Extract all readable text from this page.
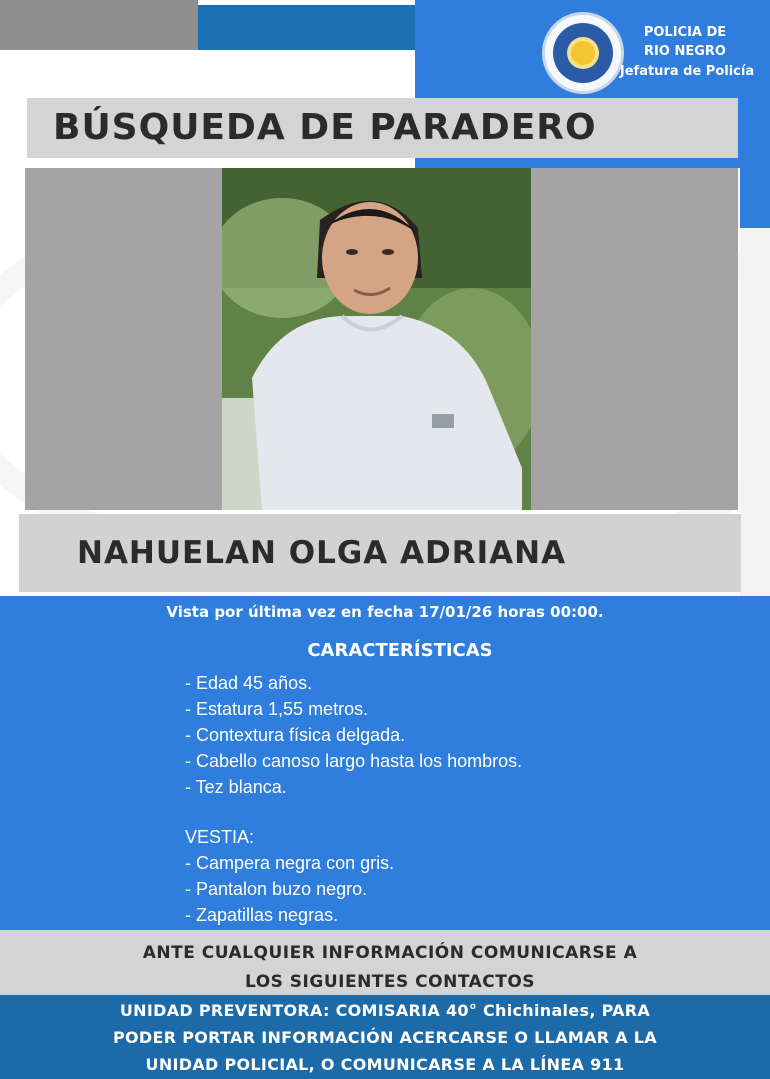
POLICIA DE
RIO NEGRO
Jefatura de Policía
BÚSQUEDA DE PARADERO
NAHUELAN OLGA ADRIANA
Vista por última vez en fecha 17/01/26 horas 00:00.
CARACTERÍSTICAS
- Edad 45 años.
- Estatura 1,55 metros.
- Contextura física delgada.
- Cabello canoso largo hasta los hombros.
- Tez blanca.
VESTIA:
- Campera negra con gris.
- Pantalon buzo negro.
- Zapatillas negras.
ANTE CUALQUIER INFORMACIÓN COMUNICARSE A
LOS SIGUIENTES CONTACTOS
UNIDAD PREVENTORA: COMISARIA 40° Chichinales, PARA
PODER PORTAR INFORMACIÓN ACERCARSE O LLAMAR A LA
UNIDAD POLICIAL, O COMUNICARSE A LA LÍNEA 911
